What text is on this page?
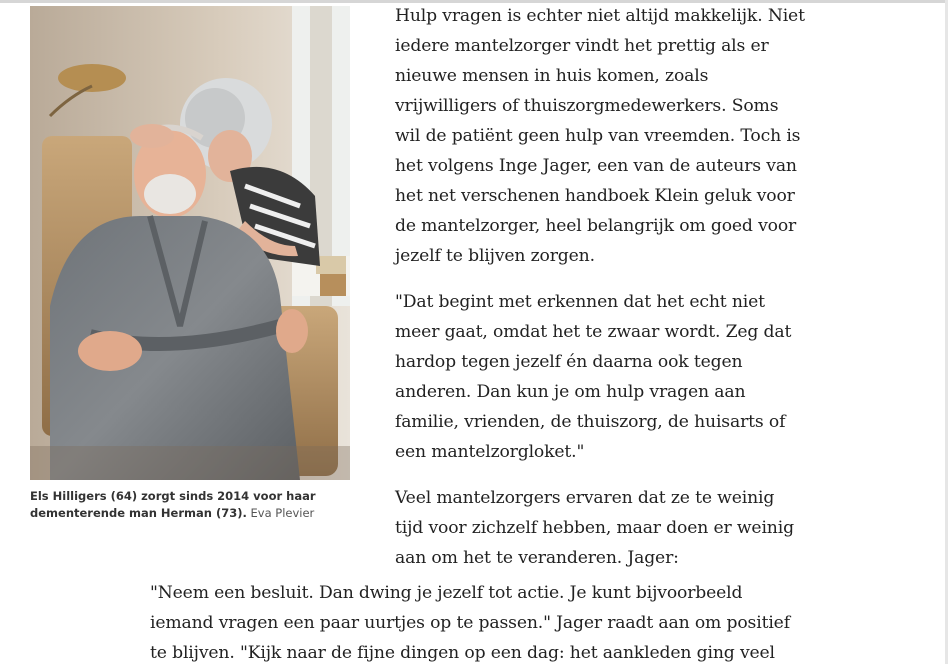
Els Hilligers (64) zorgt sinds 2014 voor haar dementerende man Herman (73). Eva Plevier

Hulp vragen is echter niet altijd makkelijk. Niet iedere mantelzorger vindt het prettig als er nieuwe mensen in huis komen, zoals vrijwilligers of thuiszorgmedewerkers. Soms wil de patiënt geen hulp van vreemden. Toch is het volgens Inge Jager, een van de auteurs van het net verschenen handboek Klein geluk voor de mantelzorger, heel belangrijk om goed voor jezelf te blijven zorgen.

"Dat begint met erkennen dat het echt niet meer gaat, omdat het te zwaar wordt. Zeg dat hardop tegen jezelf én daarna ook tegen anderen. Dan kun je om hulp vragen aan familie, vrienden, de thuiszorg, de huisarts of een mantelzorgloket."

Veel mantelzorgers ervaren dat ze te weinig tijd voor zichzelf hebben, maar doen er weinig aan om het te veranderen. Jager:

"Neem een besluit. Dan dwing je jezelf tot actie. Je kunt bijvoorbeeld iemand vragen een paar uurtjes op te passen." Jager raadt aan om positief te blijven. "Kijk naar de fijne dingen op een dag: het aankleden ging veel
